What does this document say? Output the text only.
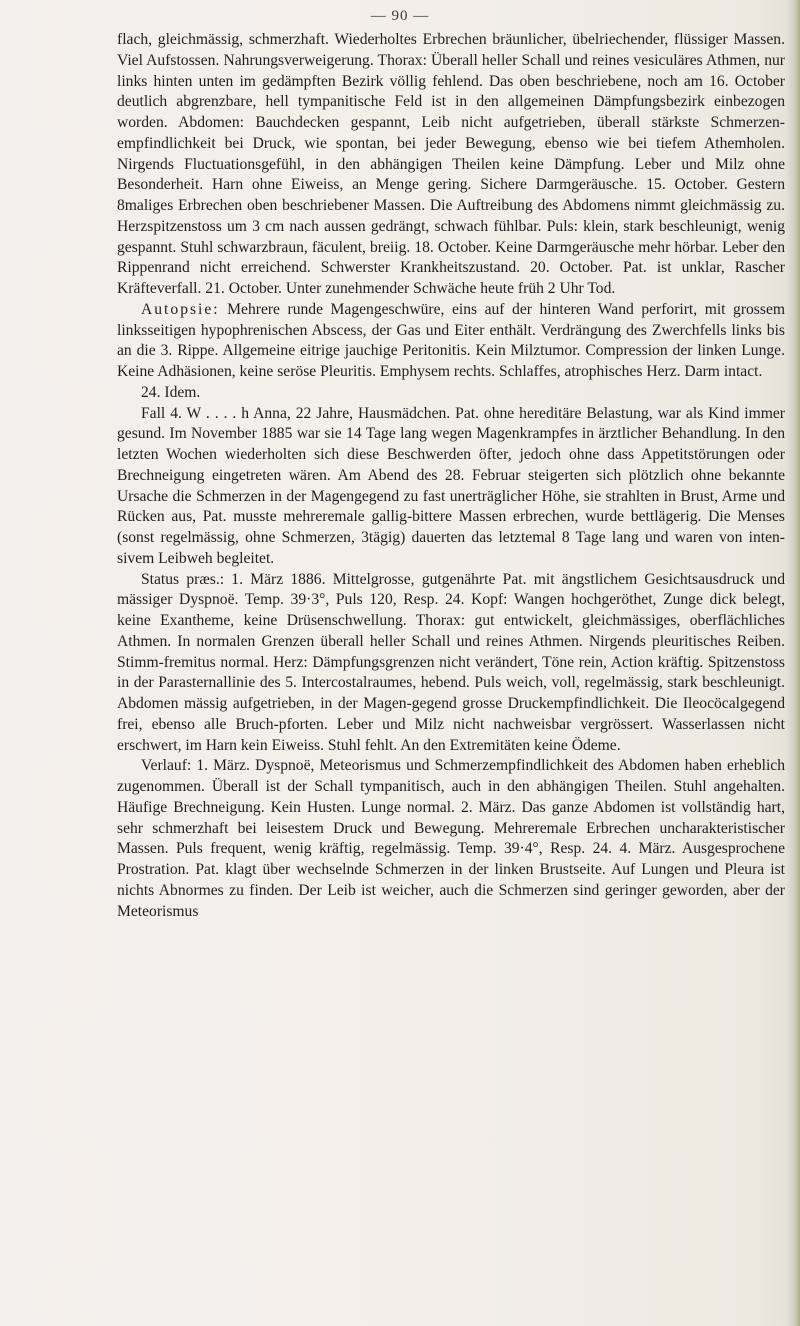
— 90 —

flach, gleichmässig, schmerzhaft. Wiederholtes Erbrechen bräunlicher, übelriechender, flüssiger Massen. Viel Aufstossen. Nahrungsverweigerung. Thorax: Überall heller Schall und reines vesiculäres Athmen, nur links hinten unten im gedämpften Bezirk völlig fehlend. Das oben beschriebene, noch am 16. October deutlich abgrenzbare, hell tympanitische Feld ist in den allgemeinen Dämpfungsbezirk einbezogen worden. Abdomen: Bauchdecken gespannt, Leib nicht aufgetrieben, überall stärkste Schmerzen-empfindlichkeit bei Druck, wie spontan, bei jeder Bewegung, ebenso wie bei tiefem Athemholen. Nirgends Fluctuationsgefühl, in den abhängigen Theilen keine Dämpfung. Leber und Milz ohne Besonderheit. Harn ohne Eiweiss, an Menge gering. Sichere Darmgeräusche. 15. October. Gestern 8maliges Erbrechen oben beschriebener Massen. Die Auftreibung des Abdomens nimmt gleichmässig zu. Herzspitzenstoss um 3 cm nach aussen gedrängt, schwach fühlbar. Puls: klein, stark beschleunigt, wenig gespannt. Stuhl schwarzbraun, fäculent, breiig. 18. October. Keine Darmgeräusche mehr hörbar. Leber den Rippenrand nicht erreichend. Schwerster Krankheitszustand. 20. October. Pat. ist unklar, Rascher Kräfteverfall. 21. October. Unter zunehmender Schwäche heute früh 2 Uhr Tod.

Autopsie: Mehrere runde Magengeschwüre, eins auf der hinteren Wand perforirt, mit grossem linksseitigen hypophrenischen Abscess, der Gas und Eiter enthält. Verdrängung des Zwerchfells links bis an die 3. Rippe. Allgemeine eitrige jauchige Peritonitis. Kein Milztumor. Compression der linken Lunge. Keine Adhäsionen, keine seröse Pleuritis. Emphysem rechts. Schlaffes, atrophisches Herz. Darm intact.

24. Idem.

Fall 4. W . . . . h Anna, 22 Jahre, Hausmädchen. Pat. ohne hereditäre Belastung, war als Kind immer gesund. Im November 1885 war sie 14 Tage lang wegen Magenkrampfes in ärztlicher Behandlung. In den letzten Wochen wiederholten sich diese Beschwerden öfter, jedoch ohne dass Appetitstörungen oder Brechneigung eingetreten wären. Am Abend des 28. Februar steigerten sich plötzlich ohne bekannte Ursache die Schmerzen in der Magengegend zu fast unerträglicher Höhe, sie strahlten in Brust, Arme und Rücken aus, Pat. musste mehreremale gallig-bittere Massen erbrechen, wurde bettlägerig. Die Menses (sonst regelmässig, ohne Schmerzen, 3tägig) dauerten das letztemal 8 Tage lang und waren von inten-sivem Leibweh begleitet.

Status præs.: 1. März 1886. Mittelgrosse, gutgenährte Pat. mit ängstlichem Gesichtsausdruck und mässiger Dyspnoë. Temp. 39·3°, Puls 120, Resp. 24. Kopf: Wangen hochgeröthet, Zunge dick belegt, keine Exantheme, keine Drüsenschwellung. Thorax: gut entwickelt, gleichmässiges, oberflächliches Athmen. In normalen Grenzen überall heller Schall und reines Athmen. Nirgends pleuritisches Reiben. Stimm-fremitus normal. Herz: Dämpfungsgrenzen nicht verändert, Töne rein, Action kräftig. Spitzenstoss in der Parasternallinie des 5. Intercostalraumes, hebend. Puls weich, voll, regelmässig, stark beschleunigt. Abdomen mässig aufgetrieben, in der Magen-gegend grosse Druckempfindlichkeit. Die Ileocöcalgegend frei, ebenso alle Bruch-pforten. Leber und Milz nicht nachweisbar vergrössert. Wasserlassen nicht erschwert, im Harn kein Eiweiss. Stuhl fehlt. An den Extremitäten keine Ödeme.

Verlauf: 1. März. Dyspnoë, Meteorismus und Schmerzempfindlichkeit des Abdomen haben erheblich zugenommen. Überall ist der Schall tympanitisch, auch in den abhängigen Theilen. Stuhl angehalten. Häufige Brechneigung. Kein Husten. Lunge normal. 2. März. Das ganze Abdomen ist vollständig hart, sehr schmerzhaft bei leisestem Druck und Bewegung. Mehreremale Erbrechen uncharakteristischer Massen. Puls frequent, wenig kräftig, regelmässig. Temp. 39·4°, Resp. 24. 4. März. Ausgesprochene Prostration. Pat. klagt über wechselnde Schmerzen in der linken Brustseite. Auf Lungen und Pleura ist nichts Abnormes zu finden. Der Leib ist weicher, auch die Schmerzen sind geringer geworden, aber der Meteorismus
